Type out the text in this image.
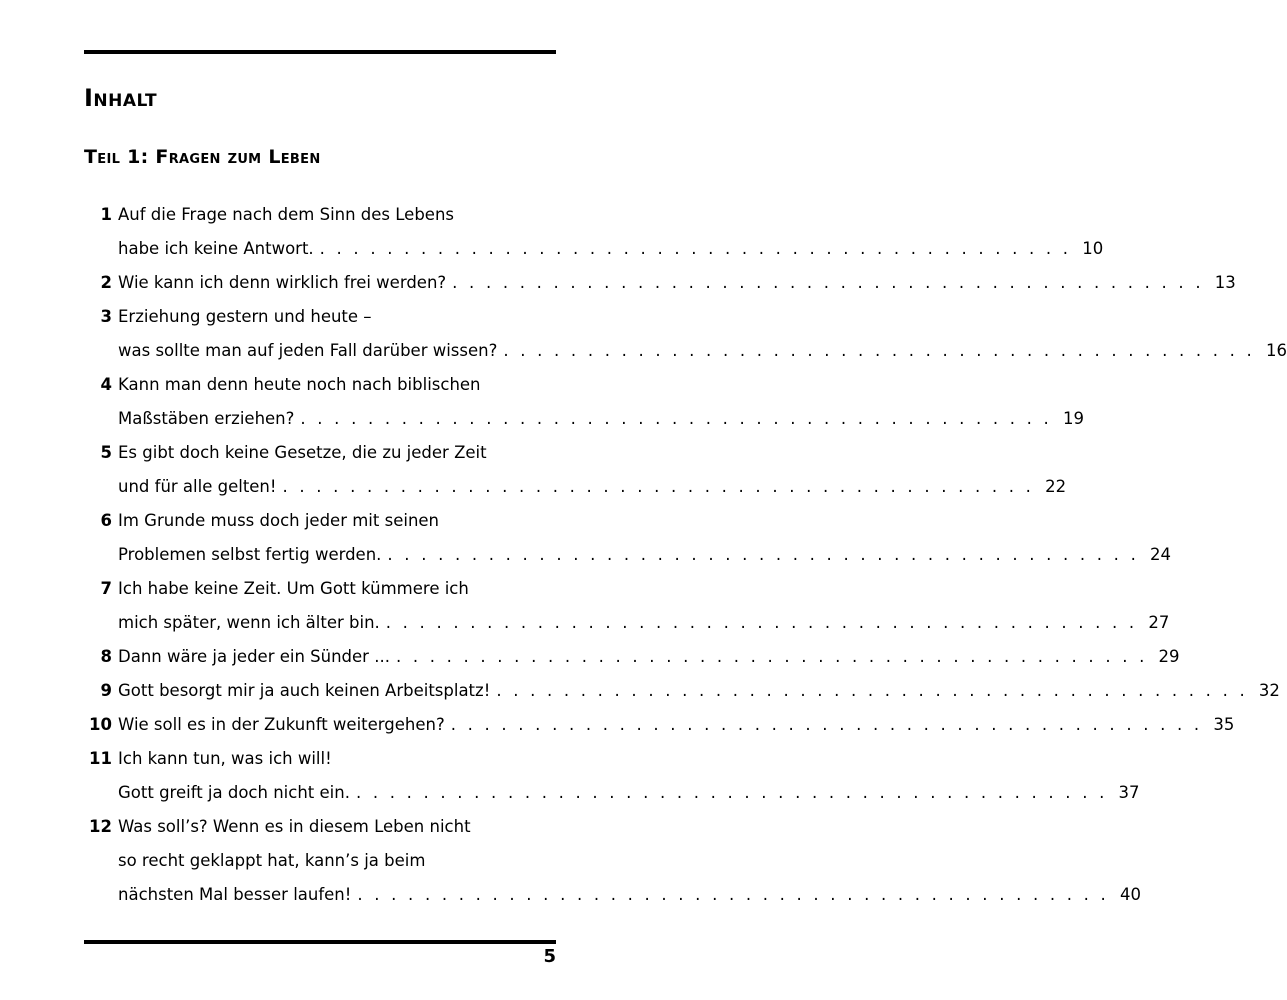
Inhalt
Teil 1: Fragen zum Leben
1 Auf die Frage nach dem Sinn des Lebens
habe ich keine Antwort. . . . . . . . . . . . . . . . . . . . . . . . . . . . . . . . . . . . . . . . . . . . . . 10
2 Wie kann ich denn wirklich frei werden? . . . . . . . . . . . . . . . . . . . . . . . . . . . . . . . . . . . . . . . . . . . . . 13
3 Erziehung gestern und heute –
was sollte man auf jeden Fall darüber wissen? . . . . . . . . . . . . . . . . . . . . . . . . . . . . . . . . . . . . . . . . . . . . . 16
4 Kann man denn heute noch nach biblischen
Maßstäben erziehen? . . . . . . . . . . . . . . . . . . . . . . . . . . . . . . . . . . . . . . . . . . . . . 19
5 Es gibt doch keine Gesetze, die zu jeder Zeit
und für alle gelten! . . . . . . . . . . . . . . . . . . . . . . . . . . . . . . . . . . . . . . . . . . . . . 22
6 Im Grunde muss doch jeder mit seinen
Problemen selbst fertig werden. . . . . . . . . . . . . . . . . . . . . . . . . . . . . . . . . . . . . . . . . . . . . . 24
7 Ich habe keine Zeit. Um Gott kümmere ich
mich später, wenn ich älter bin. . . . . . . . . . . . . . . . . . . . . . . . . . . . . . . . . . . . . . . . . . . . . . 27
8 Dann wäre ja jeder ein Sünder ... . . . . . . . . . . . . . . . . . . . . . . . . . . . . . . . . . . . . . . . . . . . . . 29
9 Gott besorgt mir ja auch keinen Arbeitsplatz! . . . . . . . . . . . . . . . . . . . . . . . . . . . . . . . . . . . . . . . . . . . . . 32
10 Wie soll es in der Zukunft weitergehen? . . . . . . . . . . . . . . . . . . . . . . . . . . . . . . . . . . . . . . . . . . . . . 35
11 Ich kann tun, was ich will!
Gott greift ja doch nicht ein. . . . . . . . . . . . . . . . . . . . . . . . . . . . . . . . . . . . . . . . . . . . . . 37
12 Was soll’s? Wenn es in diesem Leben nicht
so recht geklappt hat, kann’s ja beim
nächsten Mal besser laufen! . . . . . . . . . . . . . . . . . . . . . . . . . . . . . . . . . . . . . . . . . . . . . 40
5
